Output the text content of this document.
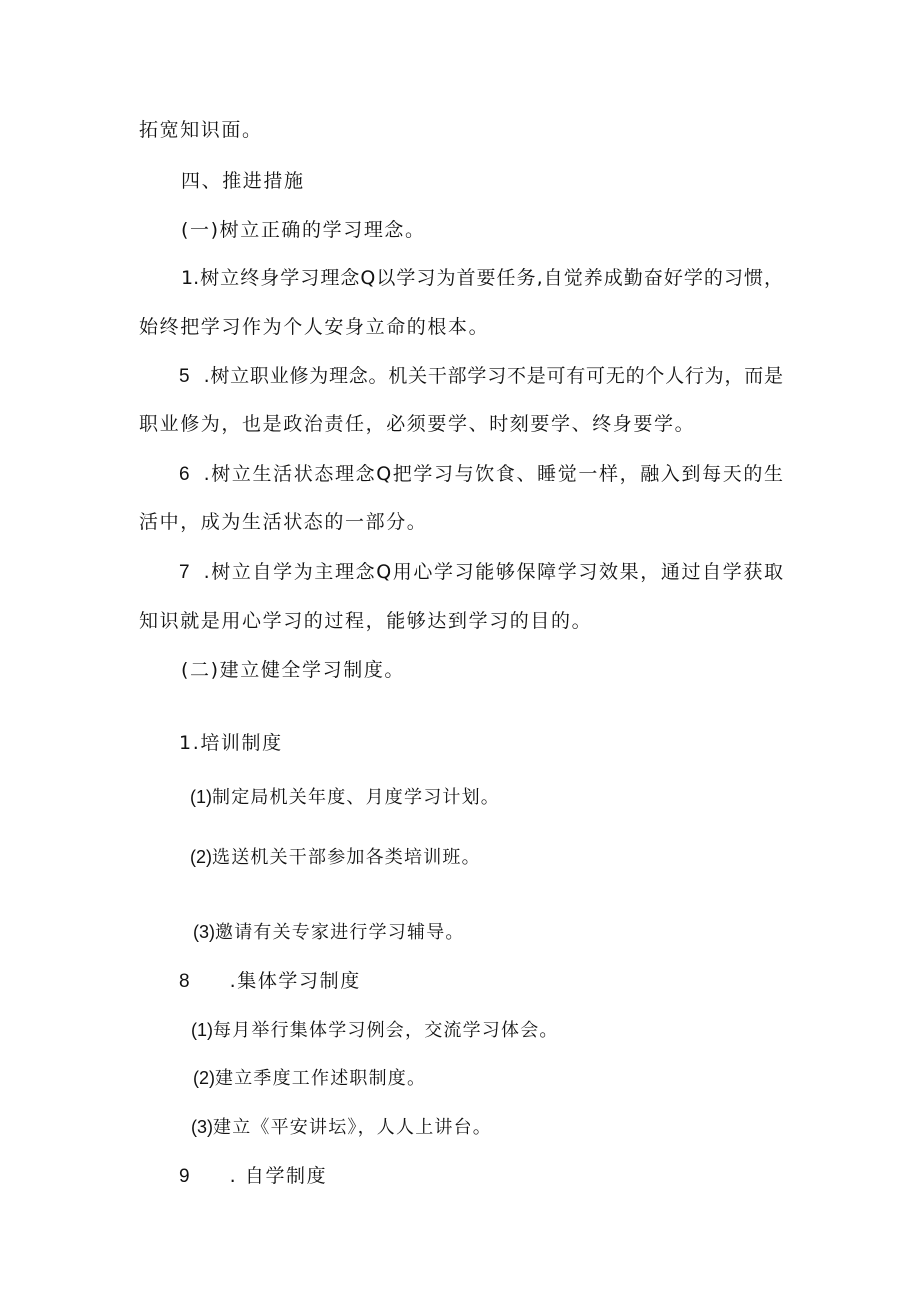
拓宽知识面。
四、推进措施
(一)树立正确的学习理念。
1.树立终身学习理念Q以学习为首要任务,自觉养成勤奋好学的习惯，
始终把学习作为个人安身立命的根本。
5 .树立职业修为理念。机关干部学习不是可有可无的个人行为，而是
职业修为，也是政治责任，必须要学、时刻要学、终身要学。
6 .树立生活状态理念Q把学习与饮食、睡觉一样，融入到每天的生
活中，成为生活状态的一部分。
7 .树立自学为主理念Q用心学习能够保障学习效果，通过自学获取
知识就是用心学习的过程，能够达到学习的目的。
(二)建立健全学习制度。
1.培训制度
(1)制定局机关年度、月度学习计划。
(2)选送机关干部参加各类培训班。
(3)邀请有关专家进行学习辅导。
8 .集体学习制度
(1)每月举行集体学习例会，交流学习体会。
(2)建立季度工作述职制度。
(3)建立《平安讲坛》，人人上讲台。
9 . 自学制度
